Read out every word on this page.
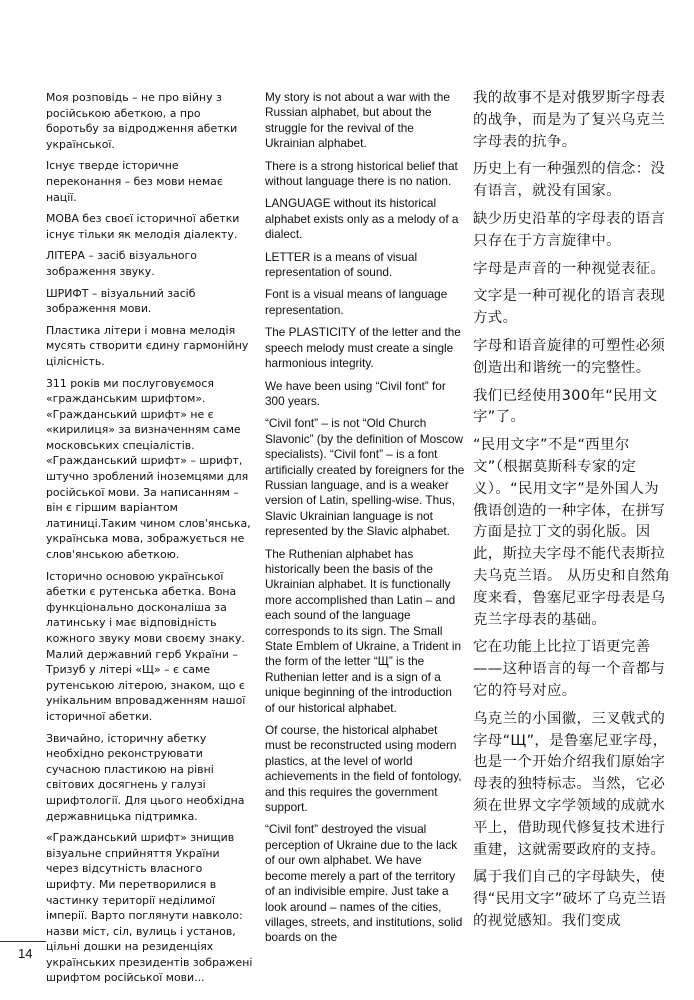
Моя розповідь – не про війну з російською абеткою, а про боротьбу за відродження абетки української.

Існує тверде історичне переконання – без мови немає нації.

МОВА без своєї історичної абетки існує тільки як мелодія діалекту.

ЛІТЕРА – засіб візуального зображення звуку.

ШРИФТ – візуальний засіб зображення мови.

Пластика літери і мовна мелодія мусять створити єдину гармонійну цілісність.

311 років ми послуговуємося «гражданським шрифтом». «Гражданський шрифт» не є «кирилиця» за визначенням саме московських спеціалістів. «Гражданський шрифт» – шрифт, штучно зроблений іноземцями для російської мови. За написанням – він є гіршим варіантом латиниці.Таким чином слов'янська, українська мова, зображується не слов'янською абеткою.

Історично основою української абетки є рутенська абетка. Вона функціонально досконаліша за латинську і має відповідність кожного звуку мови своєму знаку. Малий державний герб України – Тризуб у літері «Щ» – є саме рутенською літерою, знаком, що є унікальним впровадженням нашої історичної абетки.

Звичайно, історичну абетку необхідно реконструювати сучасною пластикою на рівні світових досягнень у галузі шрифтології. Для цього необхідна державницька підтримка.

«Гражданський шрифт» знищив візуальне сприйняття України через відсутність власного шрифту. Ми перетворилися в частинку території неділимої імперії. Варто поглянути навколо: назви міст, сіл, вулиць і установ, цільні дошки на резиденціях українських президентів зображені шрифтом російської мови...

My story is not about a war with the Russian alphabet, but about the struggle for the revival of the Ukrainian alphabet.

There is a strong historical belief that without language there is no nation.

LANGUAGE without its historical alphabet exists only as a melody of a dialect.

LETTER is a means of visual representation of sound.

Font is a visual means of language representation.

The PLASTICITY of the letter and the speech melody must create a single harmonious integrity.

We have been using “Civil font” for 300 years.

“Civil font” – is not “Old Church Slavonic” (by the definition of Moscow specialists). “Civil font” – is a font artificially created by foreigners for the Russian language, and is a weaker version of Latin, spelling-wise. Thus, Slavic Ukrainian language is not represented by the Slavic alphabet.

The Ruthenian alphabet has historically been the basis of the Ukrainian alphabet. It is functionally more accomplished than Latin – and each sound of the language corresponds to its sign. The Small State Emblem of Ukraine, a Trident in the form of the letter “Щ” is the Ruthenian letter and is a sign of a unique beginning of the introduction of our historical alphabet.

Of course, the historical alphabet must be reconstructed using modern plastics, at the level of world achievements in the field of fontology, and this requires the government support.

“Civil font” destroyed the visual perception of Ukraine due to the lack of our own alphabet. We have become merely a part of the territory of an indivisible empire. Just take a look around – names of the cities, villages, streets, and institutions, solid boards on the

我的故事不是对俄罗斯字母表的战争，而是为了复兴乌克兰字母表的抗争。

历史上有一种强烈的信念：没有语言，就没有国家。

缺少历史沿革的字母表的语言只存在于方言旋律中。

字母是声音的一种视觉表征。

文字是一种可视化的语言表现方式。

字母和语音旋律的可塑性必须创造出和谐统一的完整性。

我们已经使用300年“民用文字”了。

“民用文字”不是“西里尔文”（根据莫斯科专家的定义）。“民用文字”是外国人为俄语创造的一种字体，在拼写方面是拉丁文的弱化版。因此，斯拉夫字母不能代表斯拉夫乌克兰语。 从历史和自然角度来看，鲁塞尼亚字母表是乌克兰字母表的基础。

它在功能上比拉丁语更完善——这种语言的每一个音都与它的符号对应。

乌克兰的小国徽，三叉戟式的字母“Щ”，是鲁塞尼亚字母，也是一个开始介绍我们原始字母表的独特标志。当然，它必须在世界文字学领域的成就水平上，借助现代修复技术进行重建，这就需要政府的支持。

属于我们自己的字母缺失，使得“民用文字”破坏了乌克兰语的视觉感知。我们变成

14
